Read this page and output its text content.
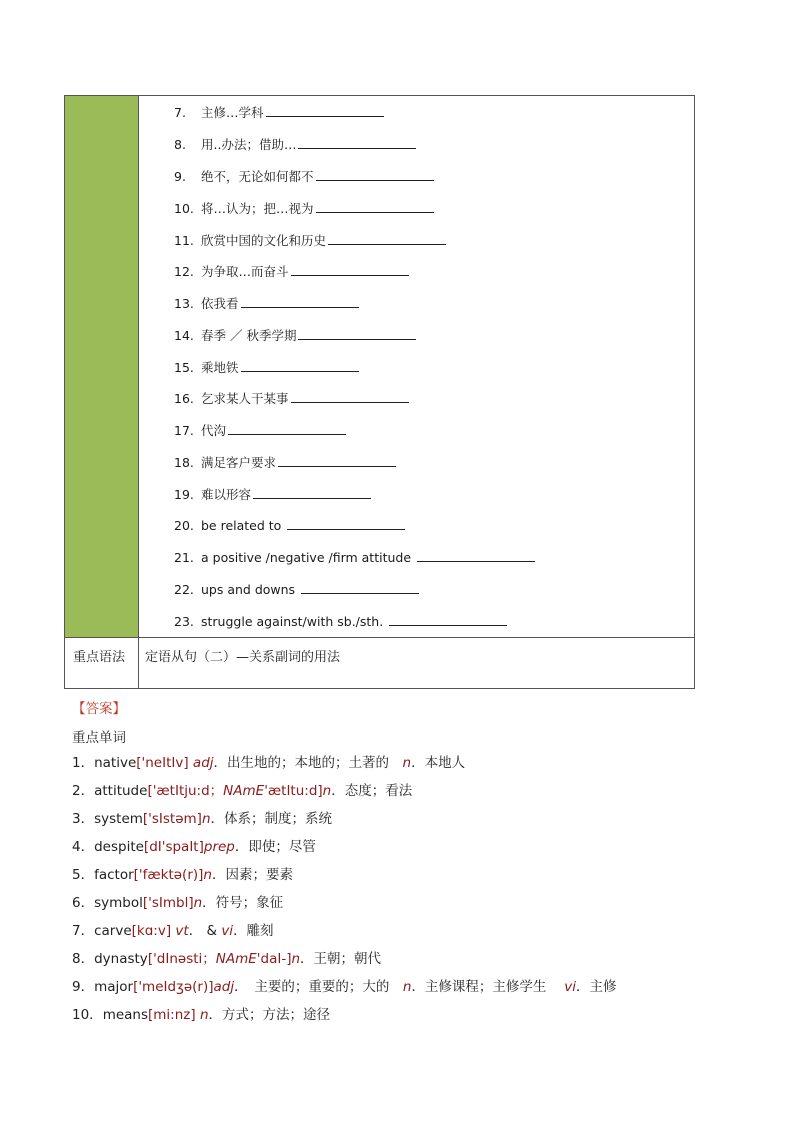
7. 主修…学科
8. 用..办法；借助…
9. 绝不，无论如何都不
10. 将…认为；把…视为
11. 欣赏中国的文化和历史
12. 为争取…而奋斗
13. 依我看
14. 春季 ／ 秋季学期
15. 乘地铁
16. 乞求某人干某事
17. 代沟
18. 满足客户要求
19. 难以形容
20. be related to
21. a positive /negative /firm attitude
22. ups and downs
23. struggle against/with sb./sth.
重点语法 定语从句（二）—关系副词的用法
【答案】
重点单词
1．native['neItIv] adj．出生地的；本地的；土著的　n．本地人
2．attitude['ætItju:d；NAmE'ætItu:d]n．态度；看法
3．system['sIstəm]n．体系；制度；系统
4．despite[dI'spaIt]prep．即使；尽管
5．factor['fæktə(r)]n．因素；要素
6．symbol['sImbl]n．符号；象征
7．carve[kɑ:v] vt． & vi．雕刻
8．dynasty['dInəsti；NAmE'daI-]n．王朝；朝代
9．major['meIdʒə(r)]adj．　主要的；重要的；大的　n．主修课程；主修学生　 vi．主修
10．means[mi:nz] n．方式；方法；途径
